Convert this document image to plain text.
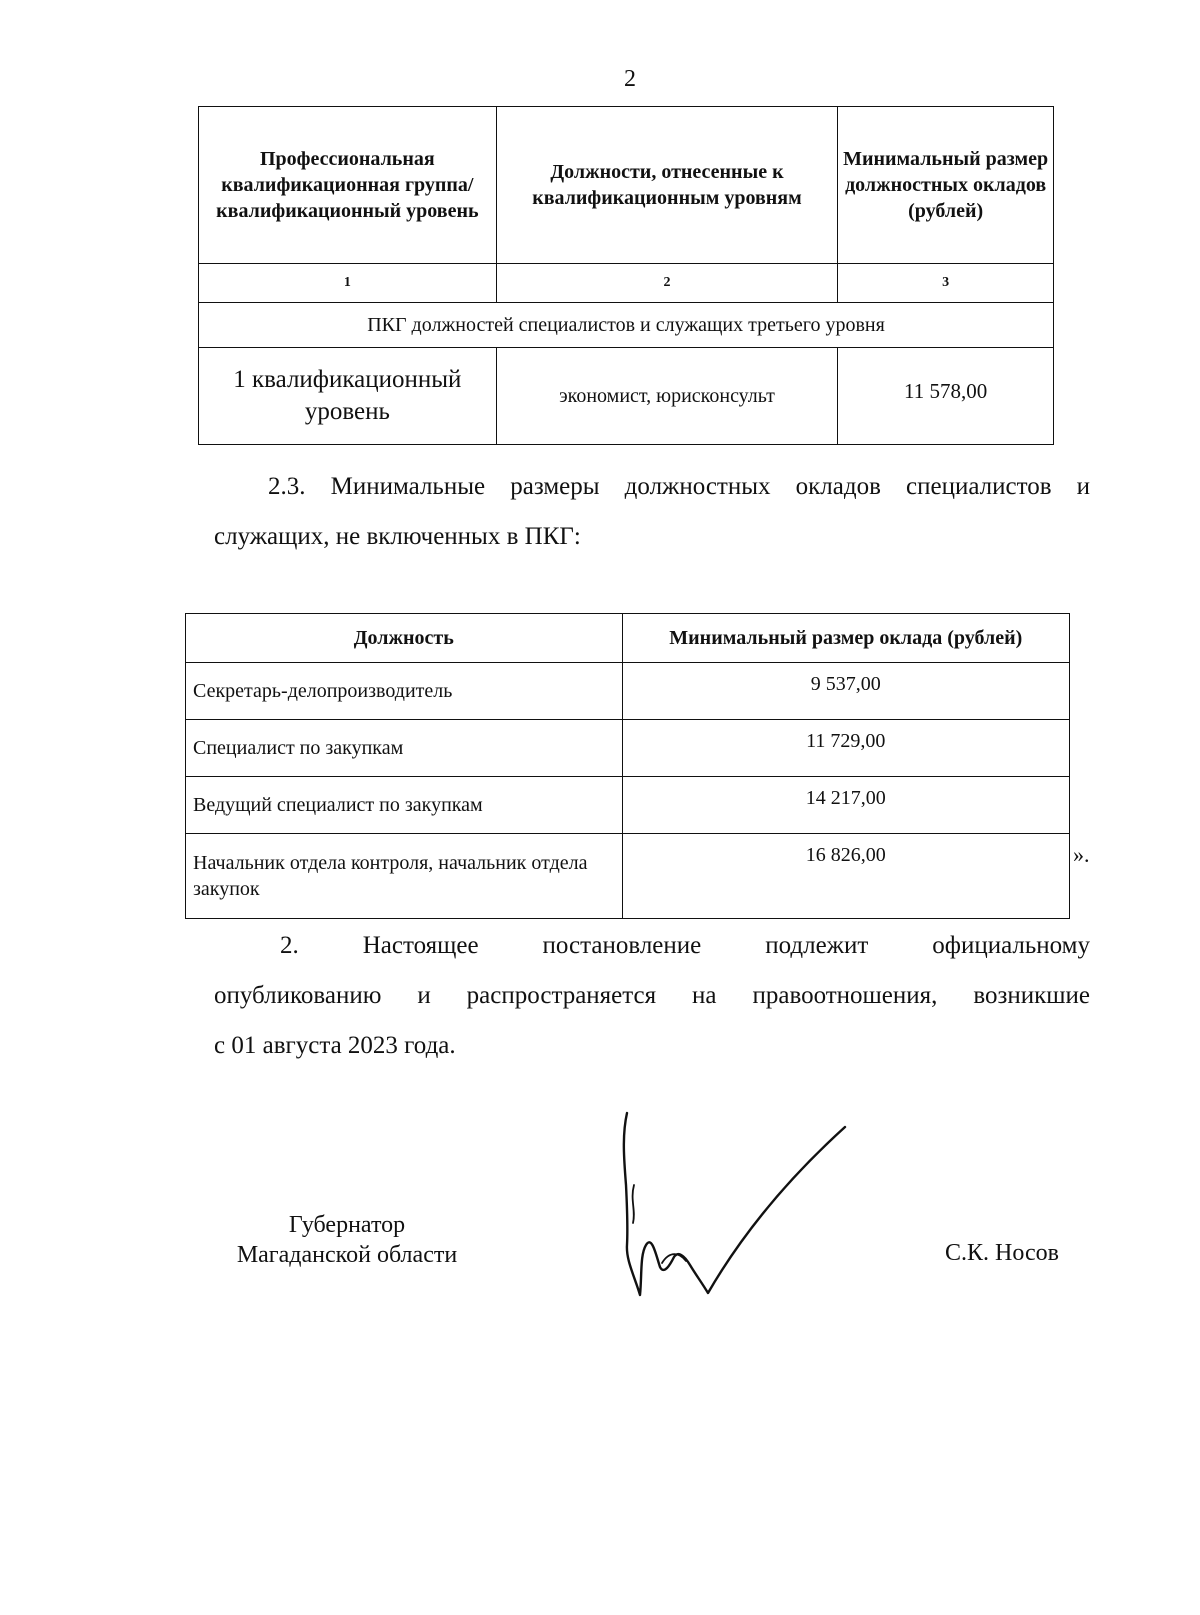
2
Профессиональная квалификационная группа/ квалификационный уровень	Должности, отнесенные к квалификационным уровням	Минимальный размер должностных окладов (рублей)
1	2	3
ПКГ должностей специалистов и служащих третьего уровня		
1 квалификационный уровень	экономист, юрисконсульт	11 578,00
2.3. Минимальные размеры должностных окладов специалистов и
служащих, не включенных в ПКГ:
Должность	Минимальный размер оклада (рублей)
Секретарь-делопроизводитель	9 537,00
Специалист по закупкам	11 729,00
Ведущий специалист по закупкам	14 217,00
Начальник отдела контроля, начальник отдела закупок	16 826,00	».
2. Настоящее постановление подлежит официальному
опубликованию и распространяется на правоотношения, возникшие
с 01 августа 2023 года.
Губернатор
Магаданской области	С.К. Носов
